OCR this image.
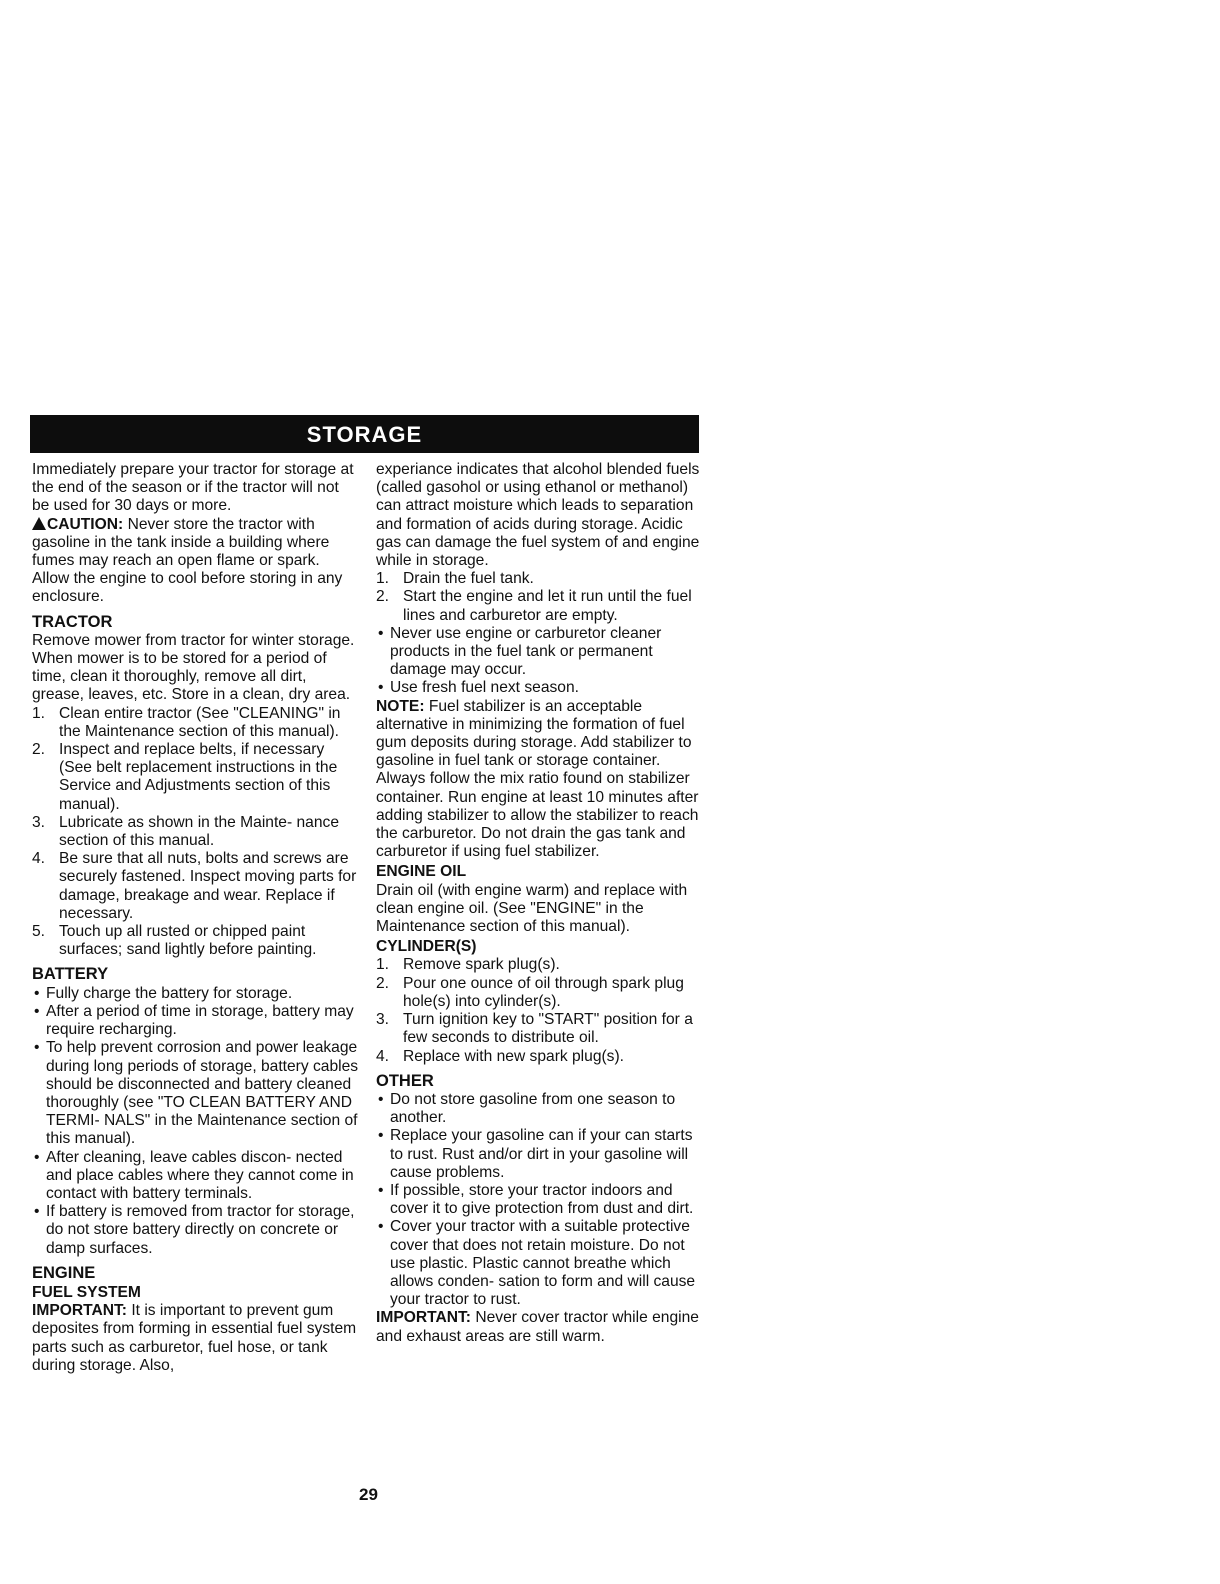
STORAGE

Immediately prepare your tractor for storage at the end of the season or if the tractor will not be used for 30 days or more.

CAUTION: Never store the tractor with gasoline in the tank inside a building where fumes may reach an open flame or spark. Allow the engine to cool before storing in any enclosure.

TRACTOR

Remove mower from tractor for winter storage. When mower is to be stored for a period of time, clean it thoroughly, remove all dirt, grease, leaves, etc. Store in a clean, dry area.

1. Clean entire tractor (See "CLEANING" in the Maintenance section of this manual).
2. Inspect and replace belts, if necessary (See belt replacement instructions in the Service and Adjustments section of this manual).
3. Lubricate as shown in the Mainte- nance section of this manual.
4. Be sure that all nuts, bolts and screws are securely fastened. Inspect moving parts for damage, breakage and wear. Replace if necessary.
5. Touch up all rusted or chipped paint surfaces; sand lightly before painting.

BATTERY

• Fully charge the battery for storage.
• After a period of time in storage, battery may require recharging.
• To help prevent corrosion and power leakage during long periods of storage, battery cables should be disconnected and battery cleaned thoroughly (see "TO CLEAN BATTERY AND TERMI- NALS" in the Maintenance section of this manual).
• After cleaning, leave cables discon- nected and place cables where they cannot come in contact with battery terminals.
• If battery is removed from tractor for storage, do not store battery directly on concrete or damp surfaces.

ENGINE

FUEL SYSTEM

IMPORTANT: It is important to prevent gum deposites from forming in essential fuel system parts such as carburetor, fuel hose, or tank during storage. Also,

experiance indicates that alcohol blended fuels (called gasohol or using ethanol or methanol) can attract moisture which leads to separation and formation of acids during storage. Acidic gas can damage the fuel system of and engine while in storage.

1. Drain the fuel tank.
2. Start the engine and let it run until the fuel lines and carburetor are empty.
• Never use engine or carburetor cleaner products in the fuel tank or permanent damage may occur.
• Use fresh fuel next season.

NOTE: Fuel stabilizer is an acceptable alternative in minimizing the formation of fuel gum deposits during storage. Add stabilizer to gasoline in fuel tank or storage container. Always follow the mix ratio found on stabilizer container. Run engine at least 10 minutes after adding stabilizer to allow the stabilizer to reach the carburetor. Do not drain the gas tank and carburetor if using fuel stabilizer.

ENGINE OIL

Drain oil (with engine warm) and replace with clean engine oil. (See "ENGINE" in the Maintenance section of this manual).

CYLINDER(S)

1. Remove spark plug(s).
2. Pour one ounce of oil through spark plug hole(s) into cylinder(s).
3. Turn ignition key to "START" position for a few seconds to distribute oil.
4. Replace with new spark plug(s).

OTHER

• Do not store gasoline from one season to another.
• Replace your gasoline can if your can starts to rust. Rust and/or dirt in your gasoline will cause problems.
• If possible, store your tractor indoors and cover it to give protection from dust and dirt.
• Cover your tractor with a suitable protective cover that does not retain moisture. Do not use plastic. Plastic cannot breathe which allows conden- sation to form and will cause your tractor to rust.

IMPORTANT: Never cover tractor while engine and exhaust areas are still warm.

29
